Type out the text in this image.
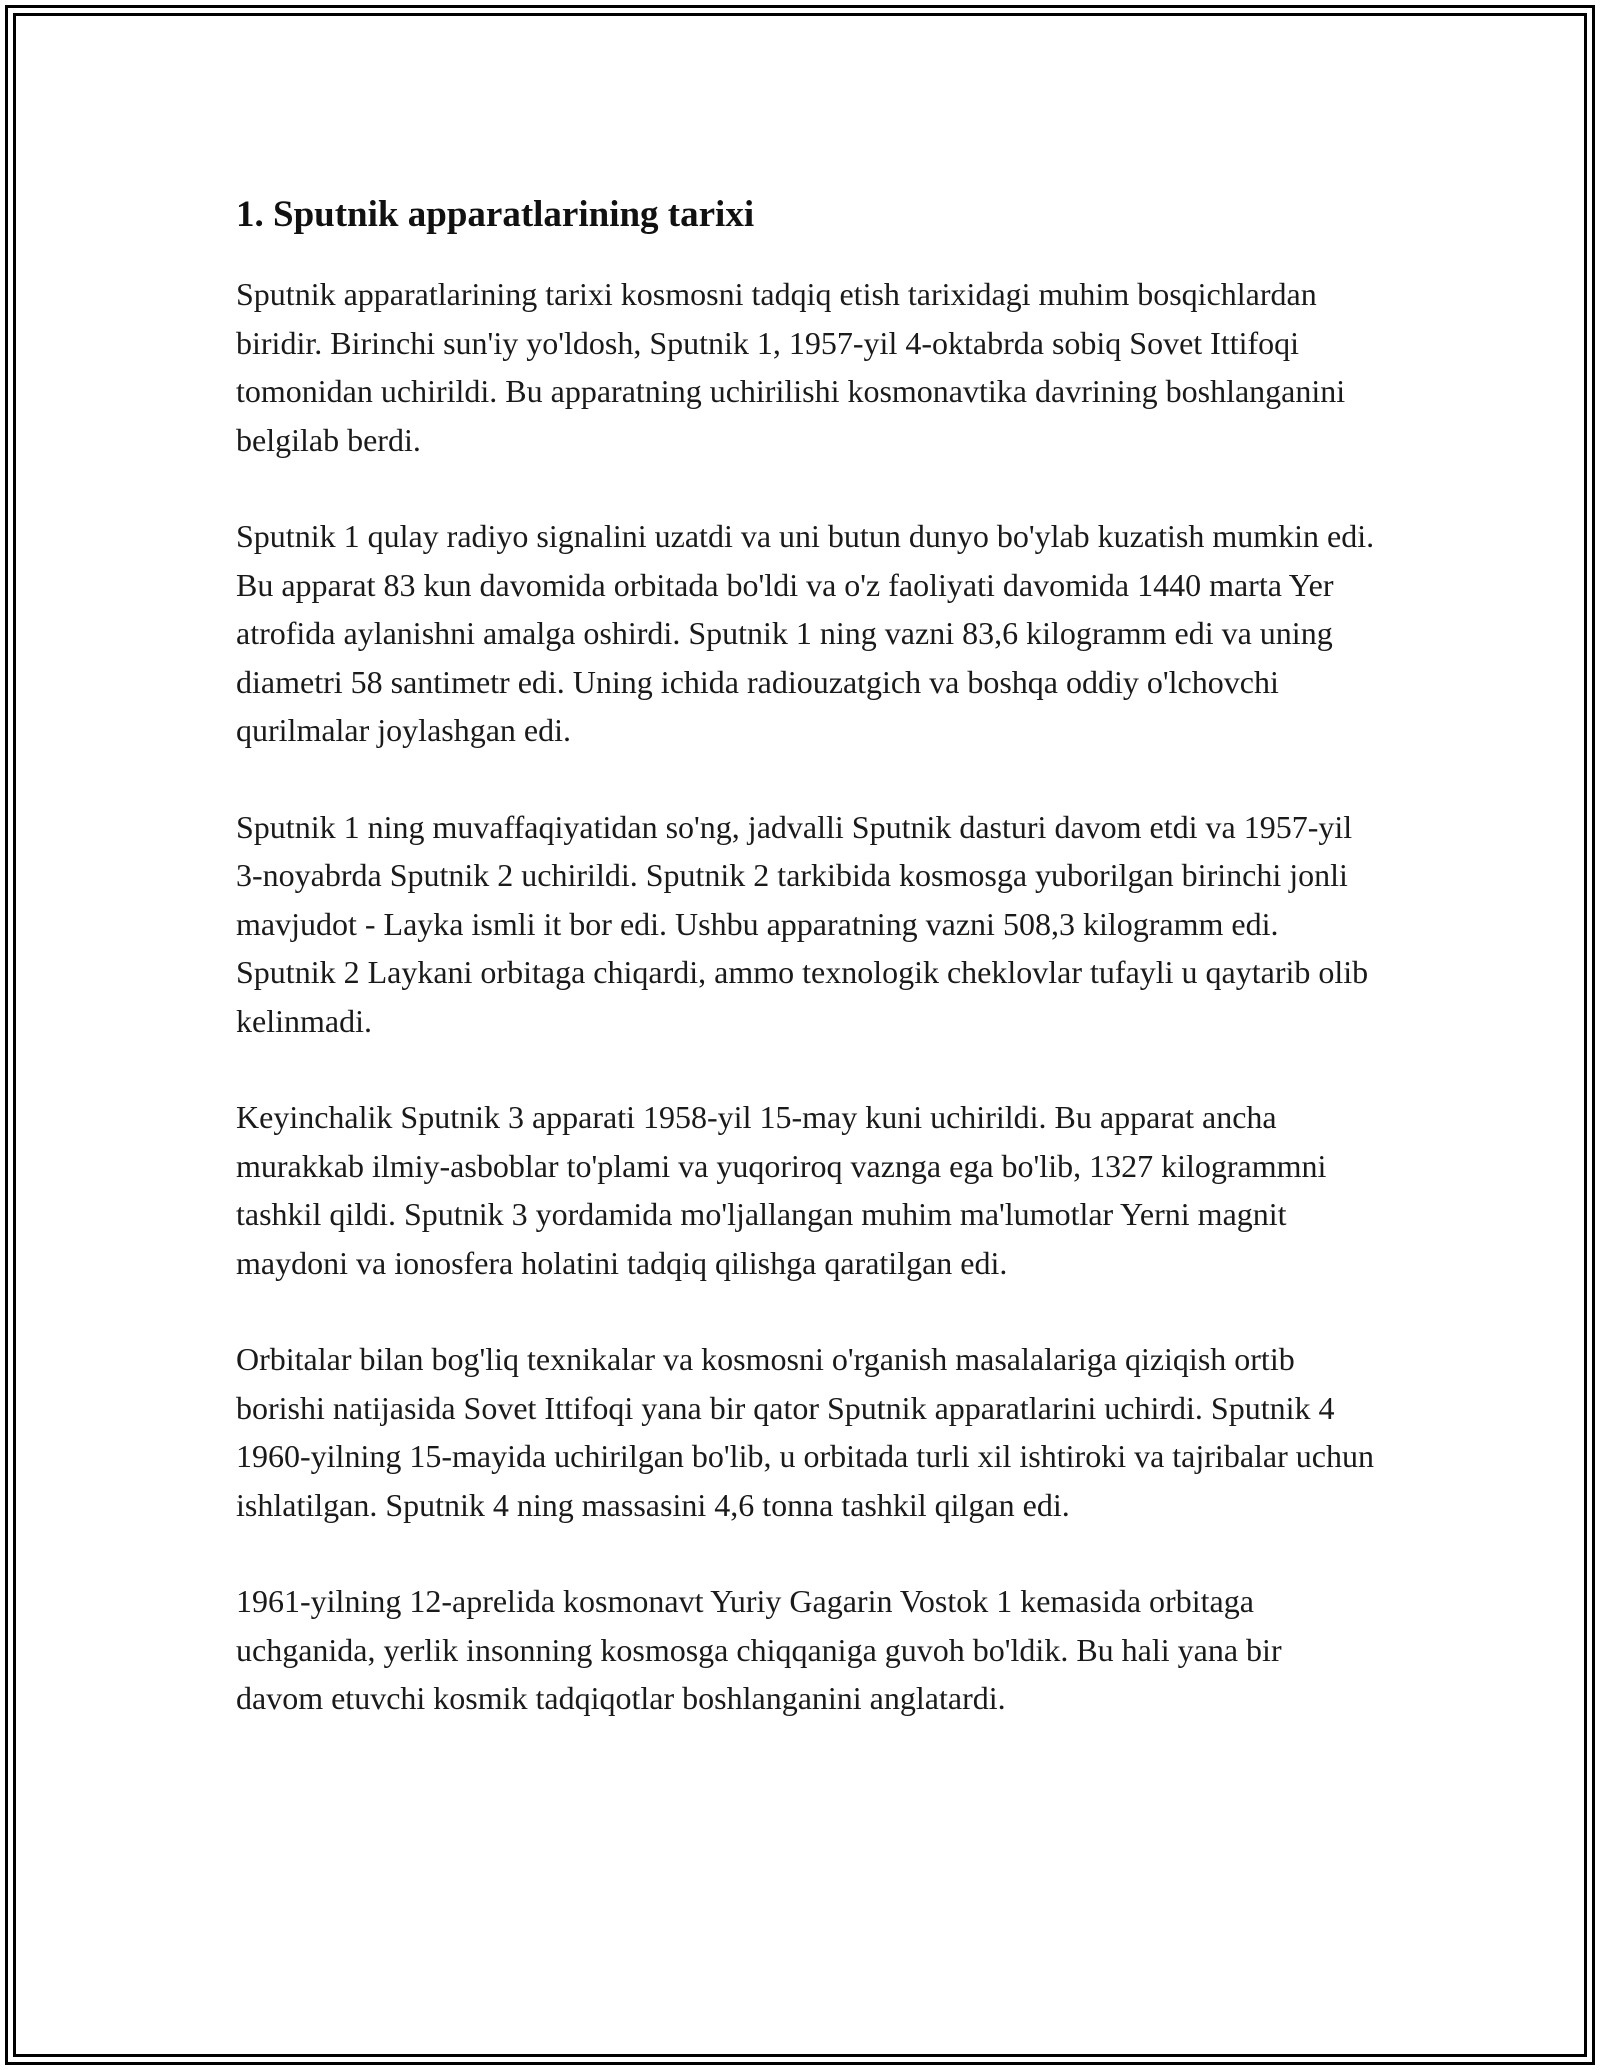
1. Sputnik apparatlarining tarixi

Sputnik apparatlarining tarixi kosmosni tadqiq etish tarixidagi muhim bosqichlardan biridir. Birinchi sun'iy yo'ldosh, Sputnik 1, 1957-yil 4-oktabrda sobiq Sovet Ittifoqi tomonidan uchirildi. Bu apparatning uchirilishi kosmonavtika davrining boshlanganini belgilab berdi.

Sputnik 1 qulay radiyo signalini uzatdi va uni butun dunyo bo'ylab kuzatish mumkin edi. Bu apparat 83 kun davomida orbitada bo'ldi va o'z faoliyati davomida 1440 marta Yer atrofida aylanishni amalga oshirdi. Sputnik 1 ning vazni 83,6 kilogramm edi va uning diametri 58 santimetr edi. Uning ichida radiouzatgich va boshqa oddiy o'lchovchi qurilmalar joylashgan edi.

Sputnik 1 ning muvaffaqiyatidan so'ng, jadvalli Sputnik dasturi davom etdi va 1957-yil 3-noyabrda Sputnik 2 uchirildi. Sputnik 2 tarkibida kosmosga yuborilgan birinchi jonli mavjudot - Layka ismli it bor edi. Ushbu apparatning vazni 508,3 kilogramm edi. Sputnik 2 Laykani orbitaga chiqardi, ammo texnologik cheklovlar tufayli u qaytarib olib kelinmadi.

Keyinchalik Sputnik 3 apparati 1958-yil 15-may kuni uchirildi. Bu apparat ancha murakkab ilmiy-asboblar to'plami va yuqoriroq vaznga ega bo'lib, 1327 kilogrammni tashkil qildi. Sputnik 3 yordamida mo'ljallangan muhim ma'lumotlar Yerni magnit maydoni va ionosfera holatini tadqiq qilishga qaratilgan edi.

Orbitalar bilan bog'liq texnikalar va kosmosni o'rganish masalalariga qiziqish ortib borishi natijasida Sovet Ittifoqi yana bir qator Sputnik apparatlarini uchirdi. Sputnik 4 1960-yilning 15-mayida uchirilgan bo'lib, u orbitada turli xil ishtiroki va tajribalar uchun ishlatilgan. Sputnik 4 ning massasini 4,6 tonna tashkil qilgan edi.

1961-yilning 12-aprelida kosmonavt Yuriy Gagarin Vostok 1 kemasida orbitaga uchganida, yerlik insonning kosmosga chiqqaniga guvoh bo'ldik. Bu hali yana bir davom etuvchi kosmik tadqiqotlar boshlanganini anglatardi.
